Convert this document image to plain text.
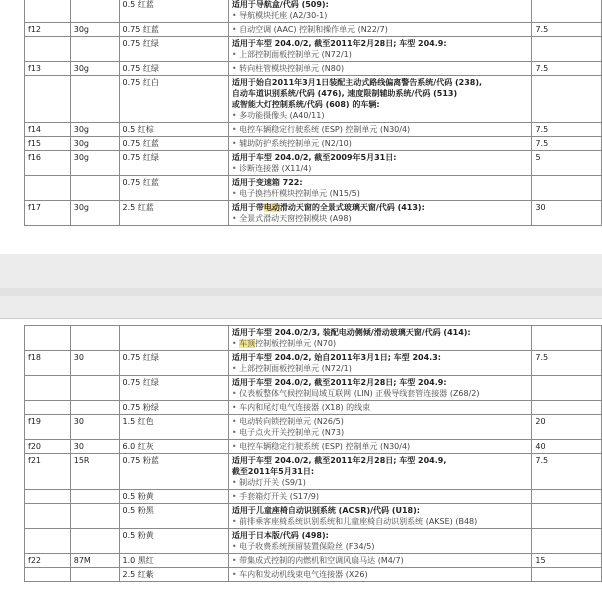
		0.5 红蓝	适用于导航盒/代码 (509):
• 导航模块托座 (A2/30-1)

f12	30g	0.75 红蓝	• 自动空调 (AAC) 控制和操作单元 (N22/7)	7.5
		0.75 红绿	适用于车型 204.0/2, 截至2011年2月28日; 车型 204.9:
• 上部控制面板控制单元 (N72/1)

f13	30g	0.75 红绿	• 转向柱管模块控制单元 (N80)	7.5
		0.75 红白	适用于始自2011年3月1日装配主动式路线偏离警告系统/代码 (238),
自动车道识别系统/代码 (476), 速度限制辅助系统/代码 (513)
或智能大灯控制系统/代码 (608) 的车辆:
• 多功能摄像头 (A40/11)

f14	30g	0.5 红棕	• 电控车辆稳定行驶系统 (ESP) 控制单元 (N30/4)	7.5
f15	30g	0.75 红蓝	• 辅助防护系统控制单元 (N2/10)	7.5
f16	30g	0.75 红绿	适用于车型 204.0/2, 截至2009年5月31日:
• 诊断连接器 (X11/4)	5
		0.75 红蓝	适用于变速箱 722:
• 电子换挡杆模块控制单元 (N15/5)

f17	30g	2.5 红蓝	适用于带电动滑动天窗的全景式玻璃天窗/代码 (413):
• 全景式滑动天窗控制模块 (A98)	30

			适用于车型 204.0/2/3, 装配电动侧倾/滑动玻璃天窗/代码 (414):
• 车顶控制板控制单元 (N70)

f18	30	0.75 红绿	适用于车型 204.0/2, 始自2011年3月1日; 车型 204.3:
• 上部控制面板控制单元 (N72/1)	7.5
		0.75 红绿	适用于车型 204.0/2, 截至2011年2月28日; 车型 204.9:
• 仪表板整体气候控制局域互联网 (LIN) 正极导线套管连接器 (Z68/2)

		0.75 粉绿	• 车内和尾灯电气连接器 (X18) 的线束

f19	30	1.5 红色	• 电动转向锁控制单元 (N26/5)
• 电子点火开关控制单元 (N73)	20
f20	30	6.0 红灰	• 电控车辆稳定行驶系统 (ESP) 控制单元 (N30/4)	40
f21	15R	0.75 粉蓝	适用于车型 204.0/2, 截至2011年2月28日; 车型 204.9,
截至2011年5月31日:
• 制动灯开关 (S9/1)	7.5
		0.5 粉黄	• 手套箱灯开关 (S17/9)

		0.5 粉黑	适用于儿童座椅自动识别系统 (ACSR)/代码 (U18):
• 前排乘客座椅系统识别系统和儿童座椅自动识别系统 (AKSE) (B48)

		0.5 粉黄	适用于日本版/代码 (498):
• 电子收费系统预留装置保险丝 (F34/5)

f22	87M	1.0 黑红	• 带集成式控制的内燃机和空调风扇马达 (M4/7)	15
		2.5 红紫	• 车内和发动机线束电气连接器 (X26)
